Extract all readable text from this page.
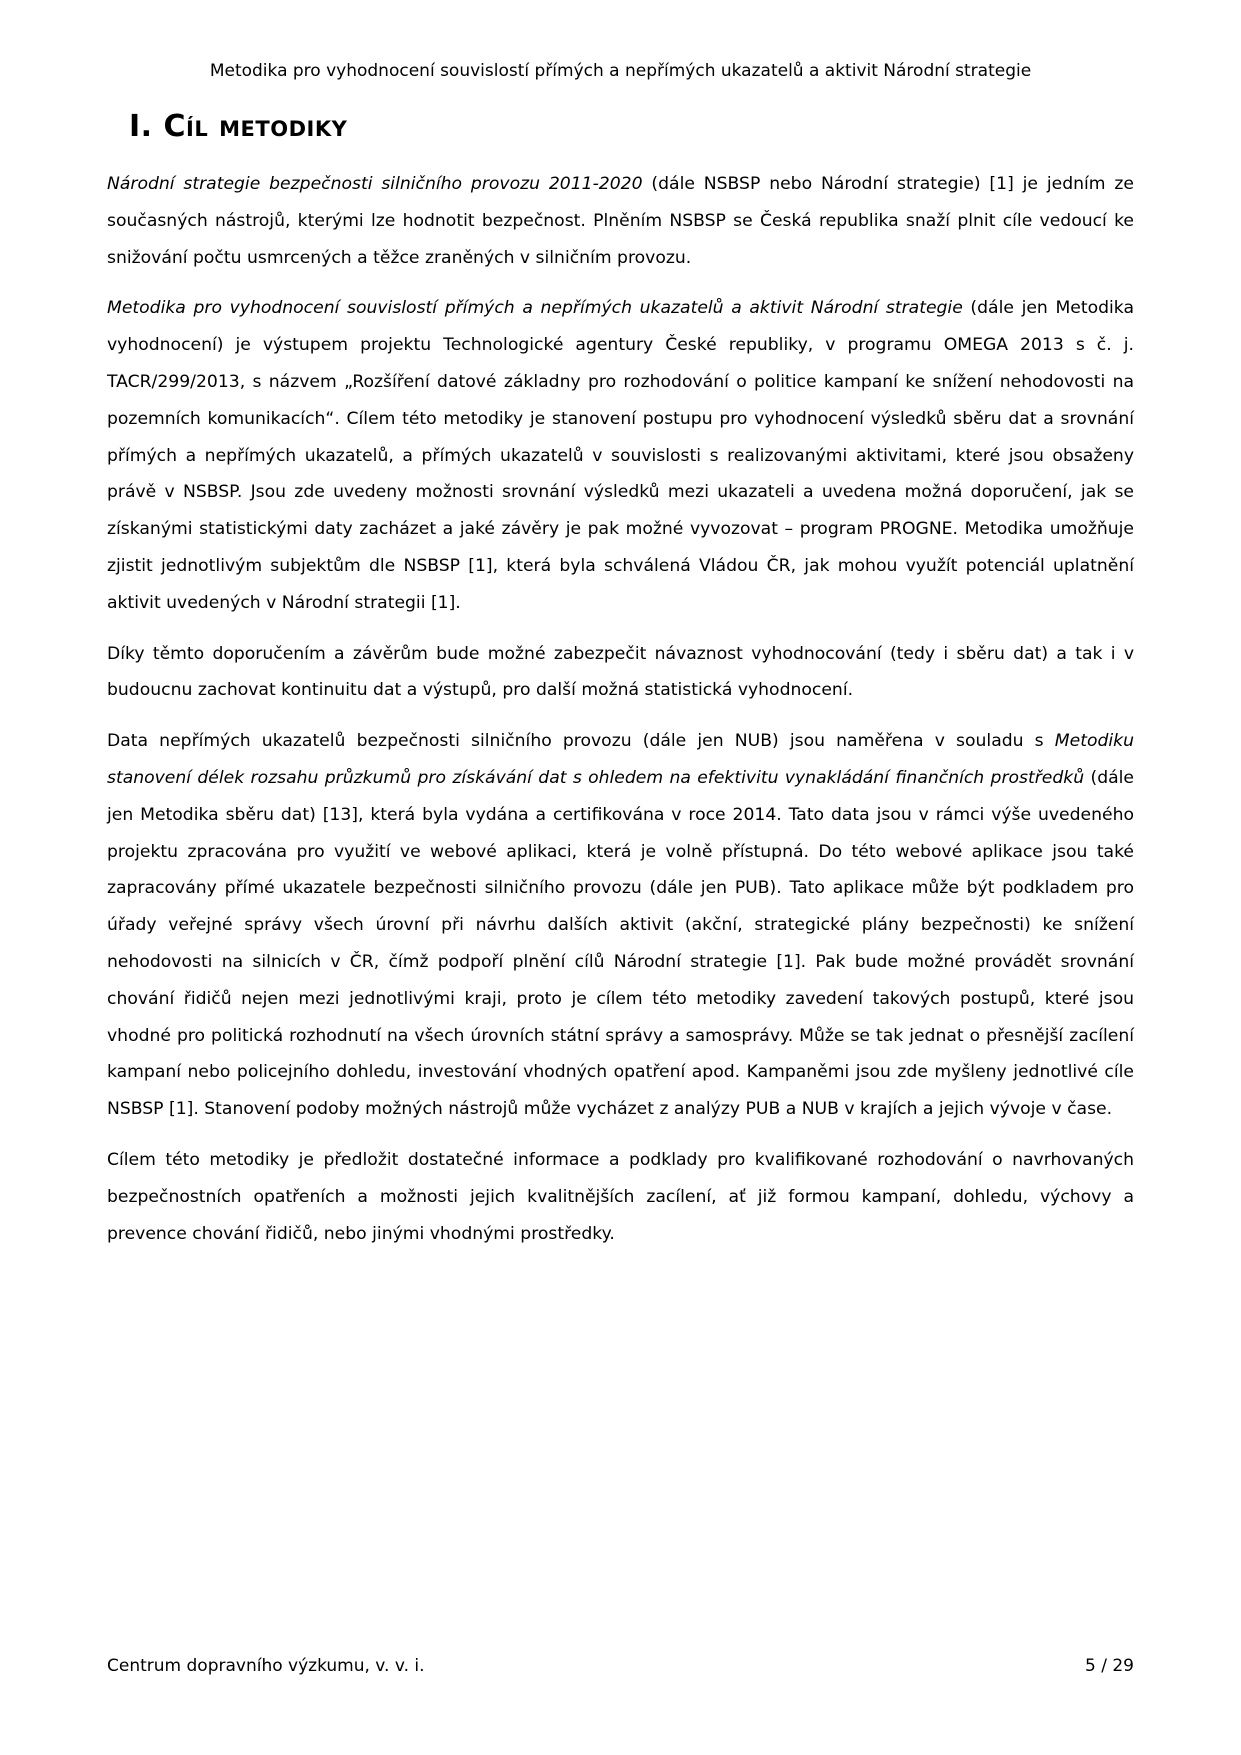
Metodika pro vyhodnocení souvislostí přímých a nepřímých ukazatelů a aktivit Národní strategie
I. Cíl metodiky

Národní strategie bezpečnosti silničního provozu 2011-2020 (dále NSBSP nebo Národní strategie) [1] je jedním ze současných nástrojů, kterými lze hodnotit bezpečnost. Plněním NSBSP se Česká republika snaží plnit cíle vedoucí ke snižování počtu usmrcených a těžce zraněných v silničním provozu.

Metodika pro vyhodnocení souvislostí přímých a nepřímých ukazatelů a aktivit Národní strategie (dále jen Metodika vyhodnocení) je výstupem projektu Technologické agentury České republiky, v programu OMEGA 2013 s č. j. TACR/299/2013, s názvem „Rozšíření datové základny pro rozhodování o politice kampaní ke snížení nehodovosti na pozemních komunikacích“. Cílem této metodiky je stanovení postupu pro vyhodnocení výsledků sběru dat a srovnání přímých a nepřímých ukazatelů, a přímých ukazatelů v souvislosti s realizovanými aktivitami, které jsou obsaženy právě v NSBSP. Jsou zde uvedeny možnosti srovnání výsledků mezi ukazateli a uvedena možná doporučení, jak se získanými statistickými daty zacházet a jaké závěry je pak možné vyvozovat – program PROGNE. Metodika umožňuje zjistit jednotlivým subjektům dle NSBSP [1], která byla schválená Vládou ČR, jak mohou využít potenciál uplatnění aktivit uvedených v Národní strategii [1].

Díky těmto doporučením a závěrům bude možné zabezpečit návaznost vyhodnocování (tedy i sběru dat) a tak i v budoucnu zachovat kontinuitu dat a výstupů, pro další možná statistická vyhodnocení.

Data nepřímých ukazatelů bezpečnosti silničního provozu (dále jen NUB) jsou naměřena v souladu s Metodiku stanovení délek rozsahu průzkumů pro získávání dat s ohledem na efektivitu vynakládání finančních prostředků (dále jen Metodika sběru dat) [13], která byla vydána a certifikována v roce 2014. Tato data jsou v rámci výše uvedeného projektu zpracována pro využití ve webové aplikaci, která je volně přístupná. Do této webové aplikace jsou také zapracovány přímé ukazatele bezpečnosti silničního provozu (dále jen PUB). Tato aplikace může být podkladem pro úřady veřejné správy všech úrovní při návrhu dalších aktivit (akční, strategické plány bezpečnosti) ke snížení nehodovosti na silnicích v ČR, čímž podpoří plnění cílů Národní strategie [1]. Pak bude možné provádět srovnání chování řidičů nejen mezi jednotlivými kraji, proto je cílem této metodiky zavedení takových postupů, které jsou vhodné pro politická rozhodnutí na všech úrovních státní správy a samosprávy. Může se tak jednat o přesnější zacílení kampaní nebo policejního dohledu, investování vhodných opatření apod. Kampaněmi jsou zde myšleny jednotlivé cíle NSBSP [1]. Stanovení podoby možných nástrojů může vycházet z analýzy PUB a NUB v krajích a jejich vývoje v čase.

Cílem této metodiky je předložit dostatečné informace a podklady pro kvalifikované rozhodování o navrhovaných bezpečnostních opatřeních a možnosti jejich kvalitnějších zacílení, ať již formou kampaní, dohledu, výchovy a prevence chování řidičů, nebo jinými vhodnými prostředky.

Centrum dopravního výzkumu, v. v. i.	5 / 29
